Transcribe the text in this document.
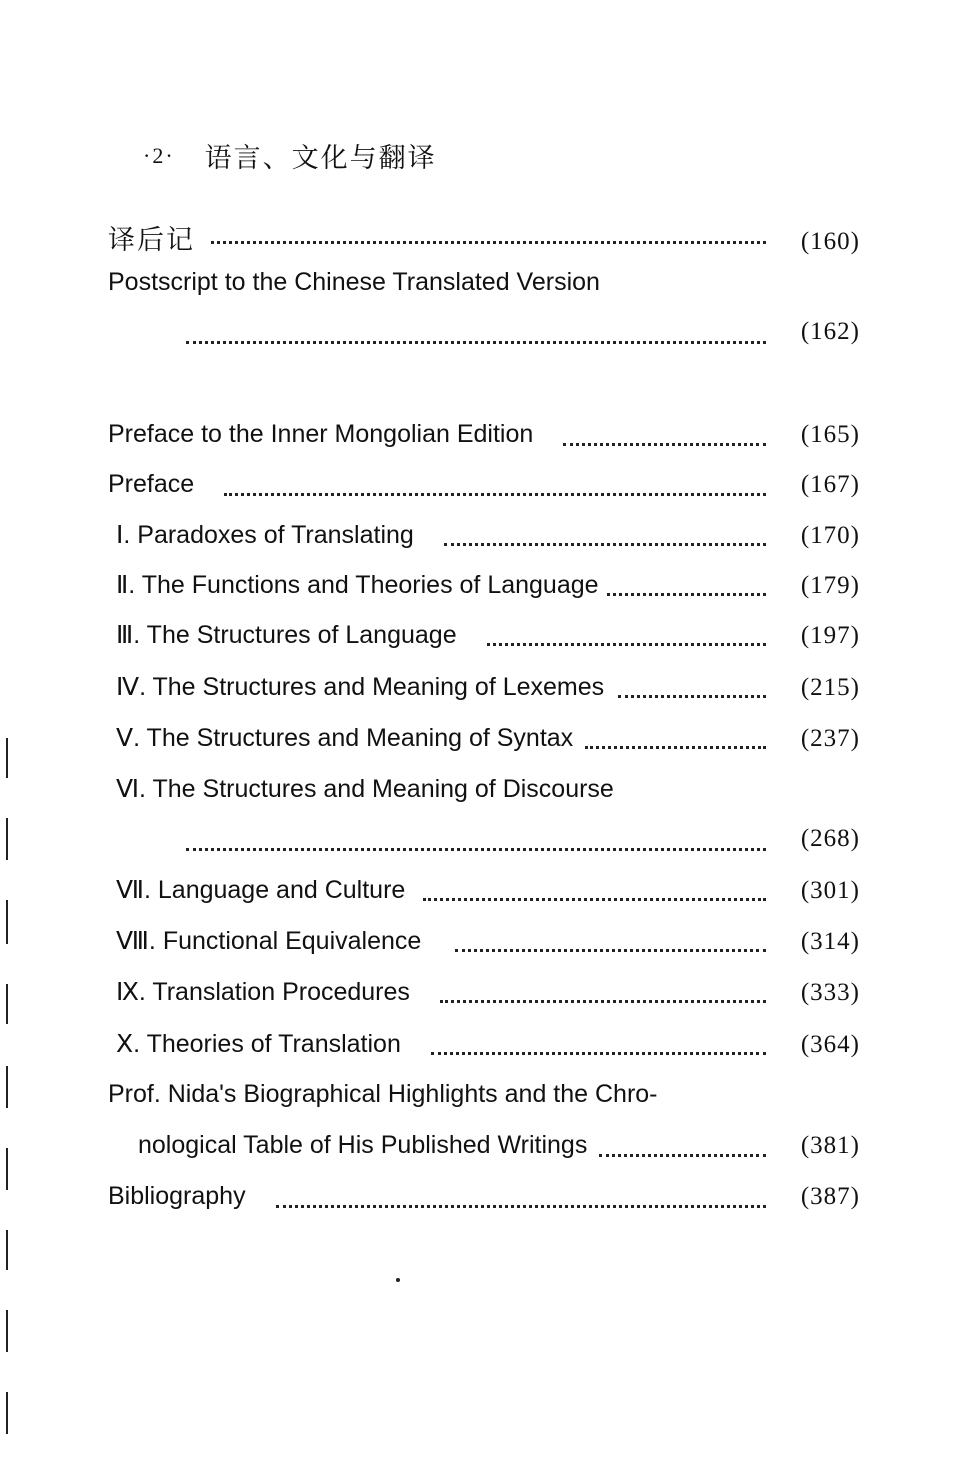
·2· 语言、文化与翻译
译后记	(160)
Postscript to the Chinese Translated Version
(162)
Preface to the Inner Mongolian Edition	(165)
Preface	(167)
Ⅰ. Paradoxes of Translating	(170)
Ⅱ. The Functions and Theories of Language	(179)
Ⅲ. The Structures of Language	(197)
Ⅳ. The Structures and Meaning of Lexemes	(215)
Ⅴ. The Structures and Meaning of Syntax	(237)
Ⅵ. The Structures and Meaning of Discourse
(268)
Ⅶ. Language and Culture	(301)
Ⅷ. Functional Equivalence	(314)
Ⅸ. Translation Procedures	(333)
Ⅹ. Theories of Translation	(364)
Prof. Nida's Biographical Highlights and the Chro-
nological Table of His Published Writings	(381)
Bibliography	(387)
